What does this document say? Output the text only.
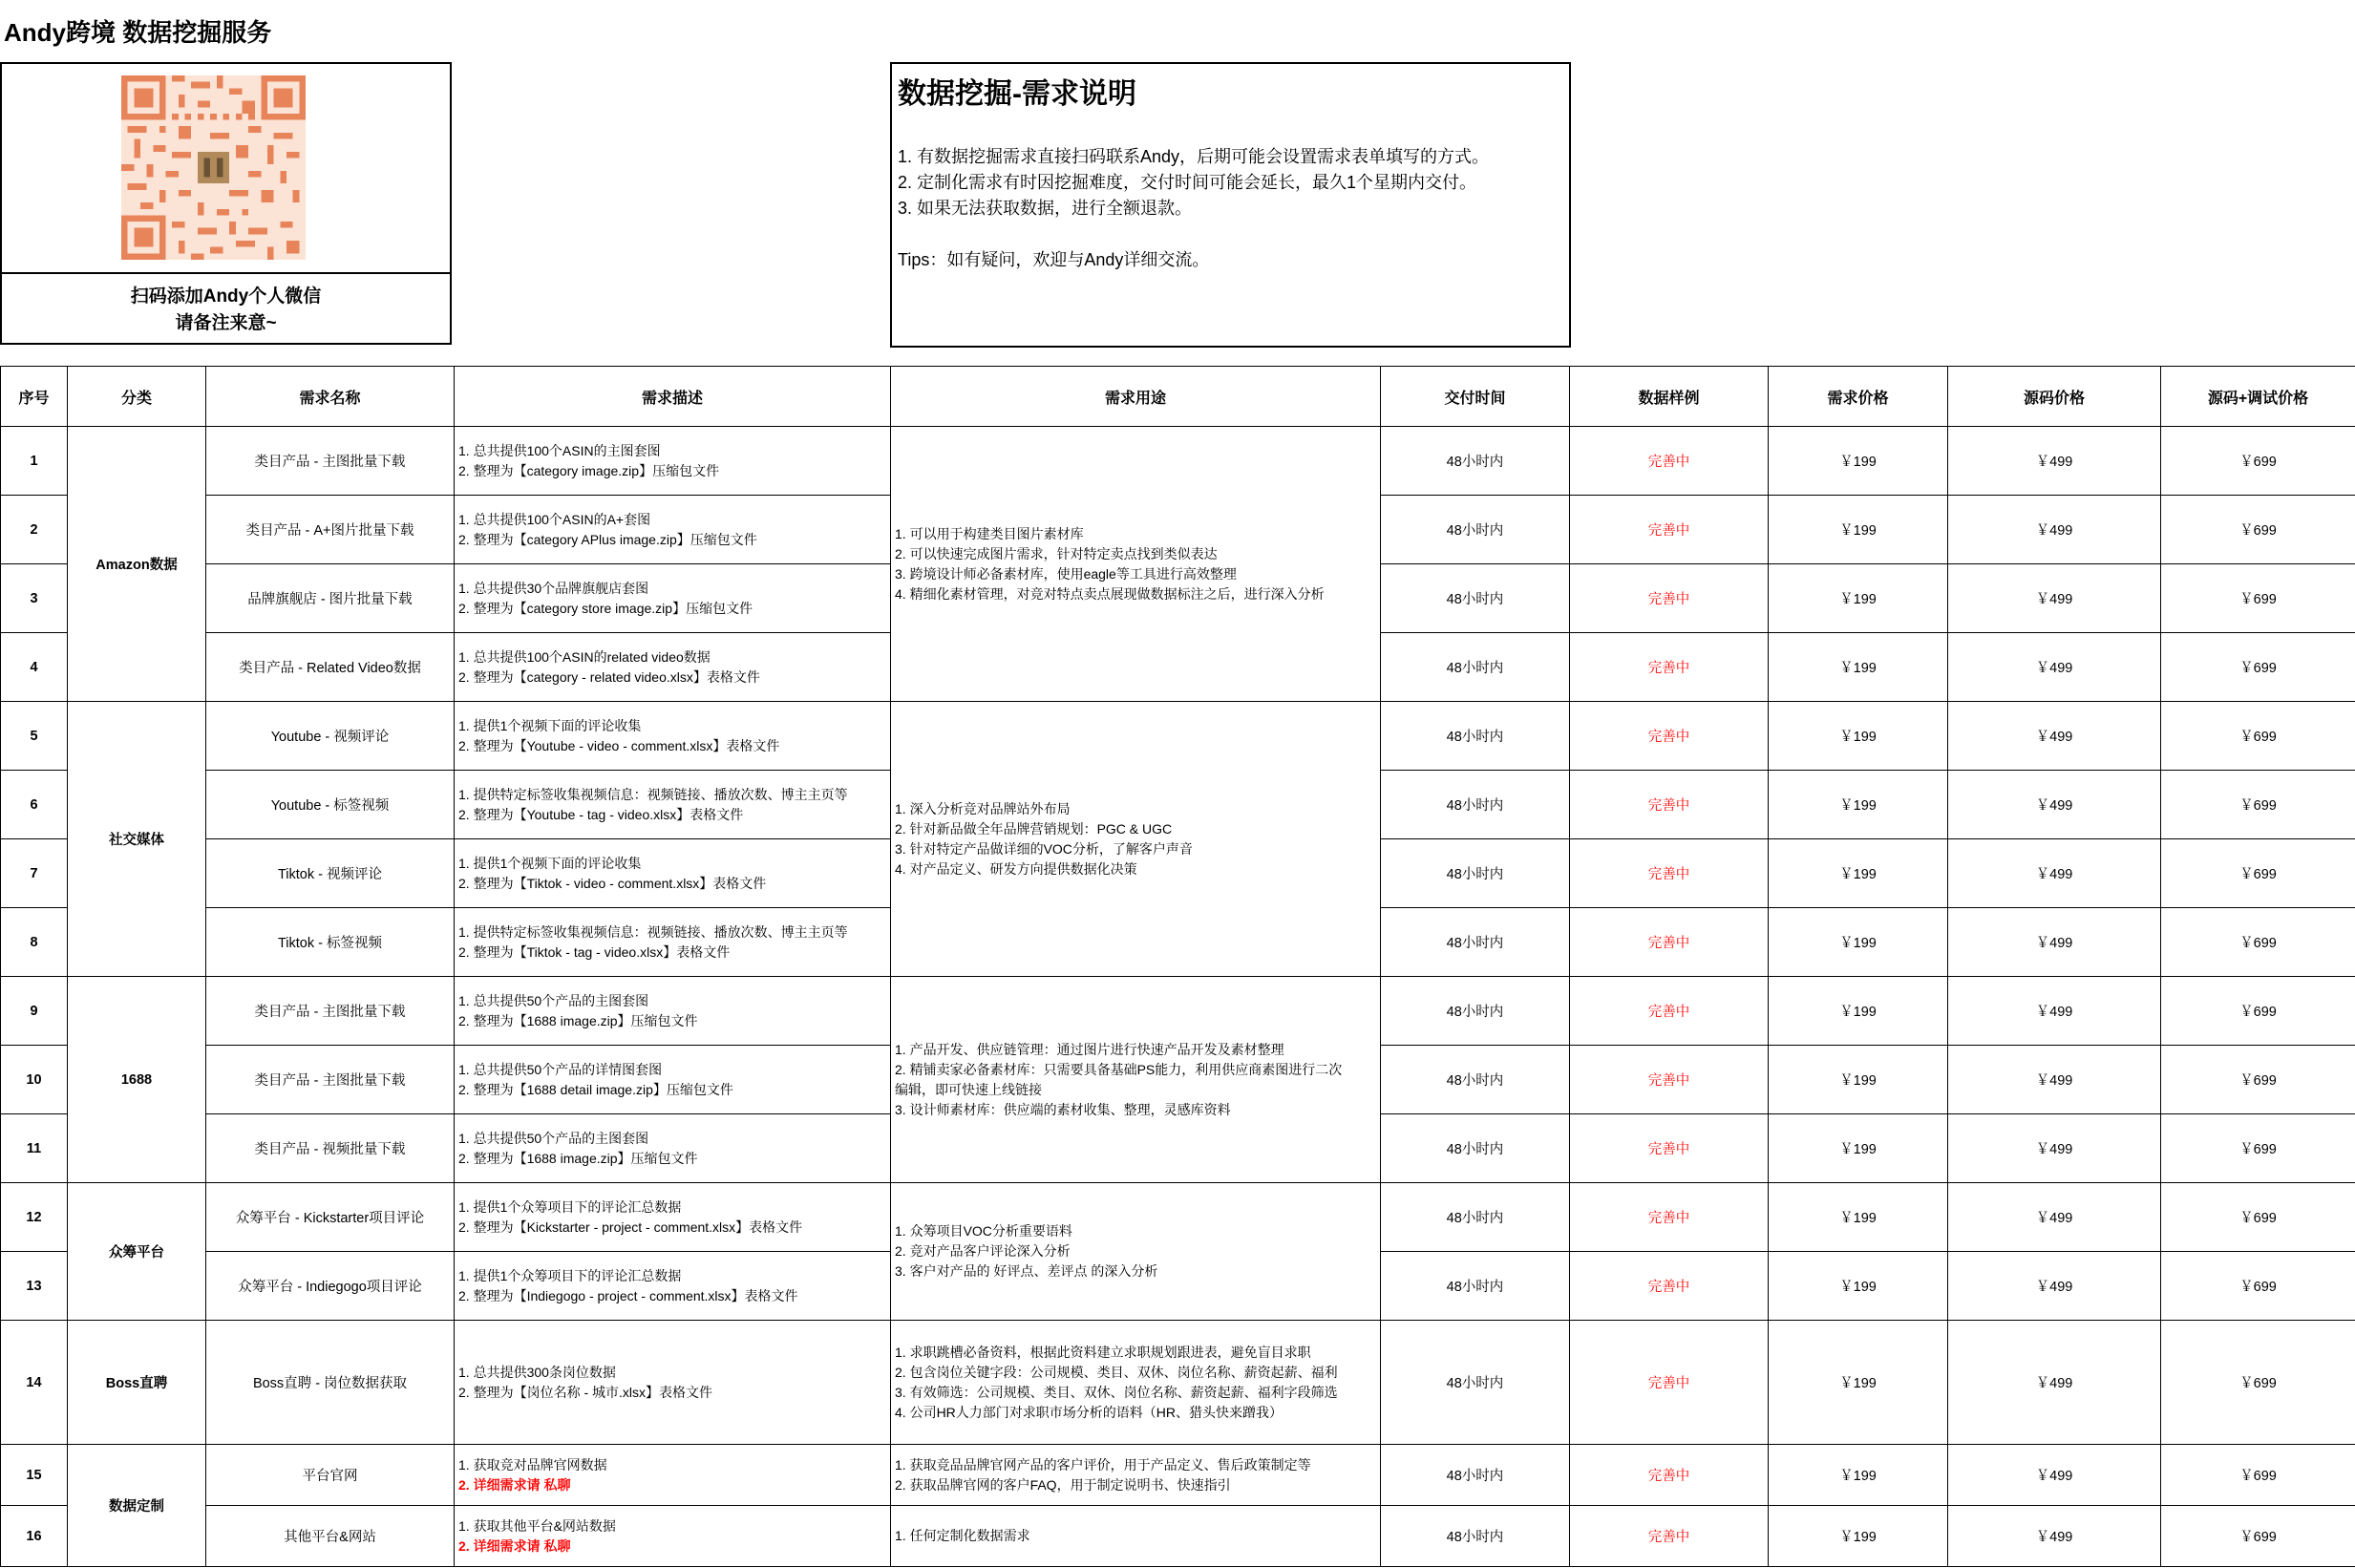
Andy跨境 数据挖掘服务
扫码添加Andy个人微信
请备注来意~
数据挖掘-需求说明
1. 有数据挖掘需求直接扫码联系Andy，后期可能会设置需求表单填写的方式。
2. 定制化需求有时因挖掘难度，交付时间可能会延长，最久1个星期内交付。
3. 如果无法获取数据，进行全额退款。
Tips：如有疑问，欢迎与Andy详细交流。
序号	分类	需求名称	需求描述	需求用途	交付时间	数据样例	需求价格	源码价格	源码+调试价格
1	Amazon数据	类目产品 - 主图批量下载	1. 总共提供100个ASIN的主图套图
2. 整理为【category image.zip】压缩包文件	1. 可以用于构建类目图片素材库
2. 可以快速完成图片需求，针对特定卖点找到类似表达
3. 跨境设计师必备素材库，使用eagle等工具进行高效整理
4. 精细化素材管理，对竞对特点卖点展现做数据标注之后，进行深入分析	48小时内	完善中	￥199	￥499	￥699
2		类目产品 - A+图片批量下载	1. 总共提供100个ASIN的A+套图
2. 整理为【category APlus image.zip】压缩包文件		48小时内	完善中	￥199	￥499	￥699
3		品牌旗舰店 - 图片批量下载	1. 总共提供30个品牌旗舰店套图
2. 整理为【category store image.zip】压缩包文件		48小时内	完善中	￥199	￥499	￥699
4		类目产品 - Related Video数据	1. 总共提供100个ASIN的related video数据
2. 整理为【category - related video.xlsx】表格文件		48小时内	完善中	￥199	￥499	￥699
5	社交媒体	Youtube - 视频评论	1. 提供1个视频下面的评论收集
2. 整理为【Youtube - video - comment.xlsx】表格文件	1. 深入分析竞对品牌站外布局
2. 针对新品做全年品牌营销规划：PGC & UGC
3. 针对特定产品做详细的VOC分析，了解客户声音
4. 对产品定义、研发方向提供数据化决策	48小时内	完善中	￥199	￥499	￥699
6		Youtube - 标签视频	1. 提供特定标签收集视频信息：视频链接、播放次数、博主主页等
2. 整理为【Youtube - tag - video.xlsx】表格文件		48小时内	完善中	￥199	￥499	￥699
7		Tiktok - 视频评论	1. 提供1个视频下面的评论收集
2. 整理为【Tiktok - video - comment.xlsx】表格文件		48小时内	完善中	￥199	￥499	￥699
8		Tiktok - 标签视频	1. 提供特定标签收集视频信息：视频链接、播放次数、博主主页等
2. 整理为【Tiktok - tag - video.xlsx】表格文件		48小时内	完善中	￥199	￥499	￥699
9	1688	类目产品 - 主图批量下载	1. 总共提供50个产品的主图套图
2. 整理为【1688 image.zip】压缩包文件	1. 产品开发、供应链管理：通过图片进行快速产品开发及素材整理
2. 精铺卖家必备素材库：只需要具备基础PS能力，利用供应商素图进行二次
编辑，即可快速上线链接
3. 设计师素材库：供应端的素材收集、整理，灵感库资料	48小时内	完善中	￥199	￥499	￥699
10		类目产品 - 主图批量下载	1. 总共提供50个产品的详情图套图
2. 整理为【1688 detail image.zip】压缩包文件		48小时内	完善中	￥199	￥499	￥699
11		类目产品 - 视频批量下载	1. 总共提供50个产品的主图套图
2. 整理为【1688 image.zip】压缩包文件		48小时内	完善中	￥199	￥499	￥699
12	众筹平台	众筹平台 - Kickstarter项目评论	1. 提供1个众筹项目下的评论汇总数据
2. 整理为【Kickstarter - project - comment.xlsx】表格文件	1. 众筹项目VOC分析重要语料
2. 竞对产品客户评论深入分析
3. 客户对产品的 好评点、差评点 的深入分析	48小时内	完善中	￥199	￥499	￥699
13		众筹平台 - Indiegogo项目评论	1. 提供1个众筹项目下的评论汇总数据
2. 整理为【Indiegogo - project - comment.xlsx】表格文件		48小时内	完善中	￥199	￥499	￥699
14	Boss直聘	Boss直聘 - 岗位数据获取	1. 总共提供300条岗位数据
2. 整理为【岗位名称 - 城市.xlsx】表格文件	1. 求职跳槽必备资料，根据此资料建立求职规划跟进表，避免盲目求职
2. 包含岗位关键字段：公司规模、类目、双休、岗位名称、薪资起薪、福利
3. 有效筛选：公司规模、类目、双休、岗位名称、薪资起薪、福利字段筛选
4. 公司HR人力部门对求职市场分析的语料（HR、猎头快来蹭我）	48小时内	完善中	￥199	￥499	￥699
15	数据定制	平台官网	1. 获取竞对品牌官网数据
2. 详细需求请 私聊	1. 获取竞品品牌官网产品的客户评价，用于产品定义、售后政策制定等
2. 获取品牌官网的客户FAQ，用于制定说明书、快速指引	48小时内	完善中	￥199	￥499	￥699
16		其他平台&网站	1. 获取其他平台&网站数据
2. 详细需求请 私聊	1. 任何定制化数据需求	48小时内	完善中	￥199	￥499	￥699
